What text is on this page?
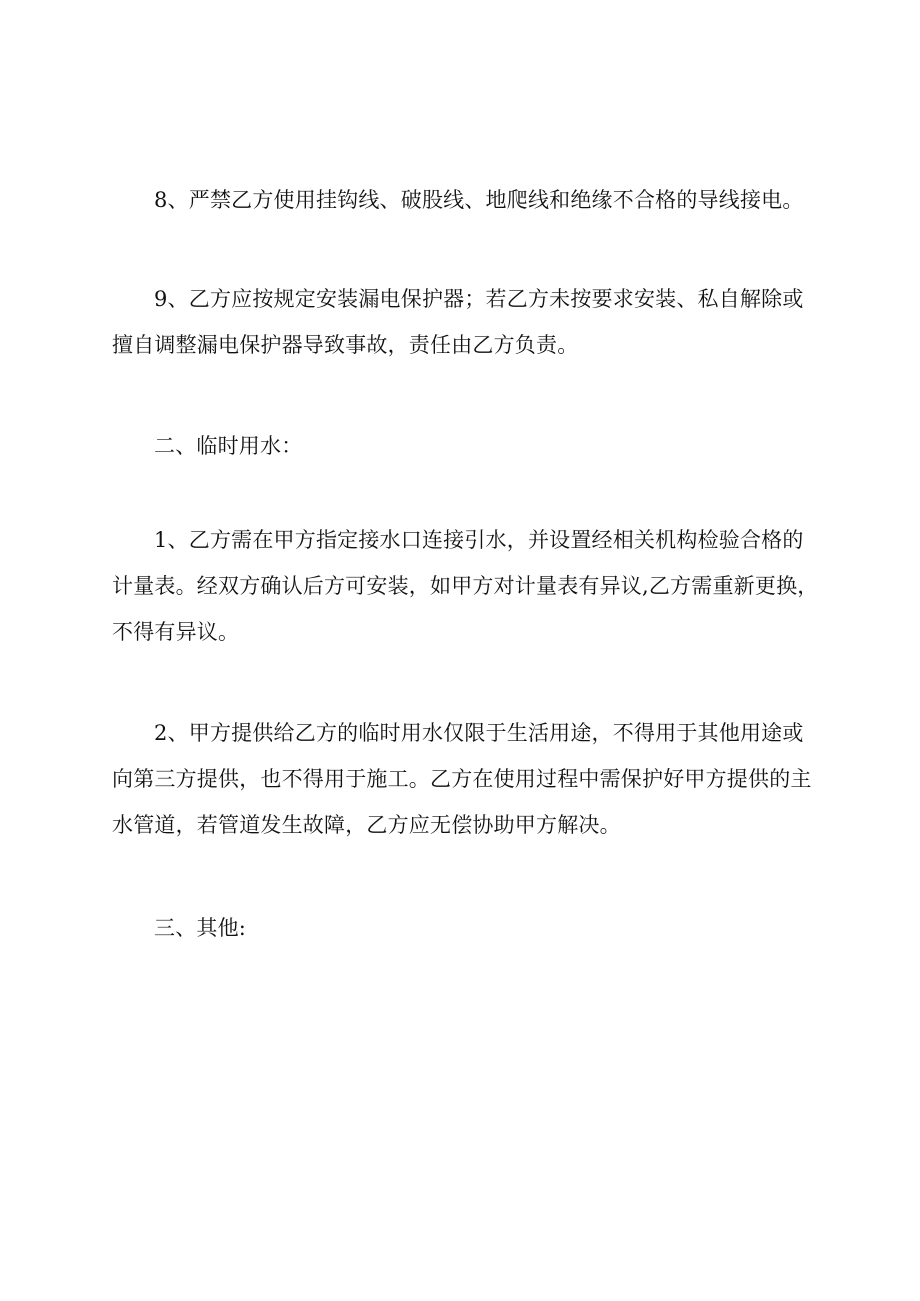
8、严禁乙方使用挂钩线、破股线、地爬线和绝缘不合格的导线接电。
9、乙方应按规定安装漏电保护器；若乙方未按要求安装、私自解除或
擅自调整漏电保护器导致事故，责任由乙方负责。
二、临时用水：
1、乙方需在甲方指定接水口连接引水，并设置经相关机构检验合格的
计量表。经双方确认后方可安装，如甲方对计量表有异议,乙方需重新更换，
不得有异议。
2、甲方提供给乙方的临时用水仅限于生活用途，不得用于其他用途或
向第三方提供，也不得用于施工。乙方在使用过程中需保护好甲方提供的主
水管道，若管道发生故障，乙方应无偿协助甲方解决。
三、其他:
